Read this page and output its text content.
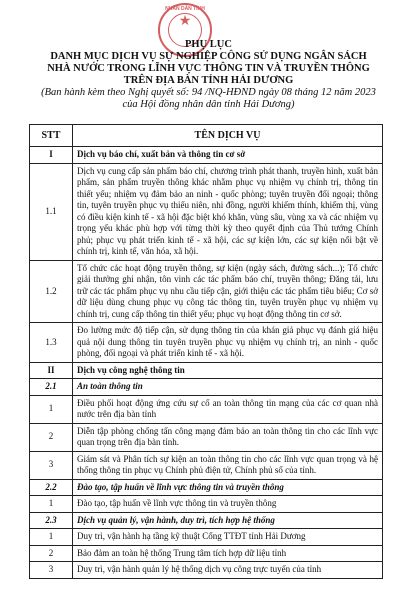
NHÂN DÂN TỈNH
★
PHỤ LỤC
DANH MỤC DỊCH VỤ SỰ NGHIỆP CÔNG SỬ DỤNG NGÂN SÁCH
NHÀ NƯỚC TRONG LĨNH VỰC THÔNG TIN VÀ TRUYỀN THÔNG
TRÊN ĐỊA BÀN TỈNH HẢI DƯƠNG
(Ban hành kèm theo Nghị quyết số: 94 /NQ-HĐND ngày 08 tháng 12 năm 2023
của Hội đồng nhân dân tỉnh Hải Dương)
STT	TÊN DỊCH VỤ
I	Dịch vụ báo chí, xuất bản và thông tin cơ sở
1.1	Dịch vụ cung cấp sản phẩm báo chí, chương trình phát thanh, truyền hình, xuất bản phẩm, sản phẩm truyền thông khác nhằm phục vụ nhiệm vụ chính trị, thông tin thiết yếu; nhiệm vụ đảm bảo an ninh - quốc phòng; tuyên truyền đối ngoại; thông tin, tuyên truyền phục vụ thiếu niên, nhi đồng, người khiếm thính, khiếm thị, vùng có điều kiện kinh tế - xã hội đặc biệt khó khăn, vùng sâu, vùng xa và các nhiệm vụ trọng yếu khác phù hợp với từng thời kỳ theo quyết định của Thủ tướng Chính phủ; phục vụ phát triển kinh tế - xã hội, các sự kiện lớn, các sự kiện nổi bật về chính trị, kinh tế, văn hóa, xã hội.
1.2	Tổ chức các hoạt động truyền thông, sự kiện (ngày sách, đường sách...); Tổ chức giải thưởng ghi nhận, tôn vinh các tác phẩm báo chí, truyền thông; Đăng tải, lưu trữ các tác phẩm phục vụ nhu cầu tiếp cận, giới thiệu các tác phẩm tiêu biểu; Cơ sở dữ liệu dùng chung phục vụ công tác thông tin, tuyên truyền phục vụ nhiệm vụ chính trị, cung cấp thông tin thiết yếu; phục vụ hoạt động thông tin cơ sở.
1.3	Đo lường mức độ tiếp cận, sử dụng thông tin của khán giả phục vụ đánh giá hiệu quả nội dung thông tin tuyên truyền phục vụ nhiệm vụ chính trị, an ninh - quốc phòng, đối ngoại và phát triển kinh tế - xã hội.
II	Dịch vụ công nghệ thông tin
2.1	An toàn thông tin
1	Điều phối hoạt động ứng cứu sự cố an toàn thông tin mạng của các cơ quan nhà nước trên địa bàn tỉnh
2	Diễn tập phòng chống tấn công mạng đảm bảo an toàn thông tin cho các lĩnh vực quan trọng trên địa bàn tỉnh.
3	Giám sát và Phân tích sự kiện an toàn thông tin cho các lĩnh vực quan trọng và hệ thống thông tin phục vụ Chính phủ điện tử, Chính phủ số của tỉnh.
2.2	Đào tạo, tập huấn về lĩnh vực thông tin và truyền thông
1	Đào tạo, tập huấn về lĩnh vực thông tin và truyền thông
2.3	Dịch vụ quản lý, vận hành, duy trì, tích hợp hệ thống
1	Duy trì, vận hành hạ tầng kỹ thuật Cổng TTĐT tỉnh Hải Dương
2	Bảo đảm an toàn hệ thống Trung tâm tích hợp dữ liệu tỉnh
3	Duy trì, vận hành quản lý hệ thống dịch vụ công trực tuyến của tỉnh
